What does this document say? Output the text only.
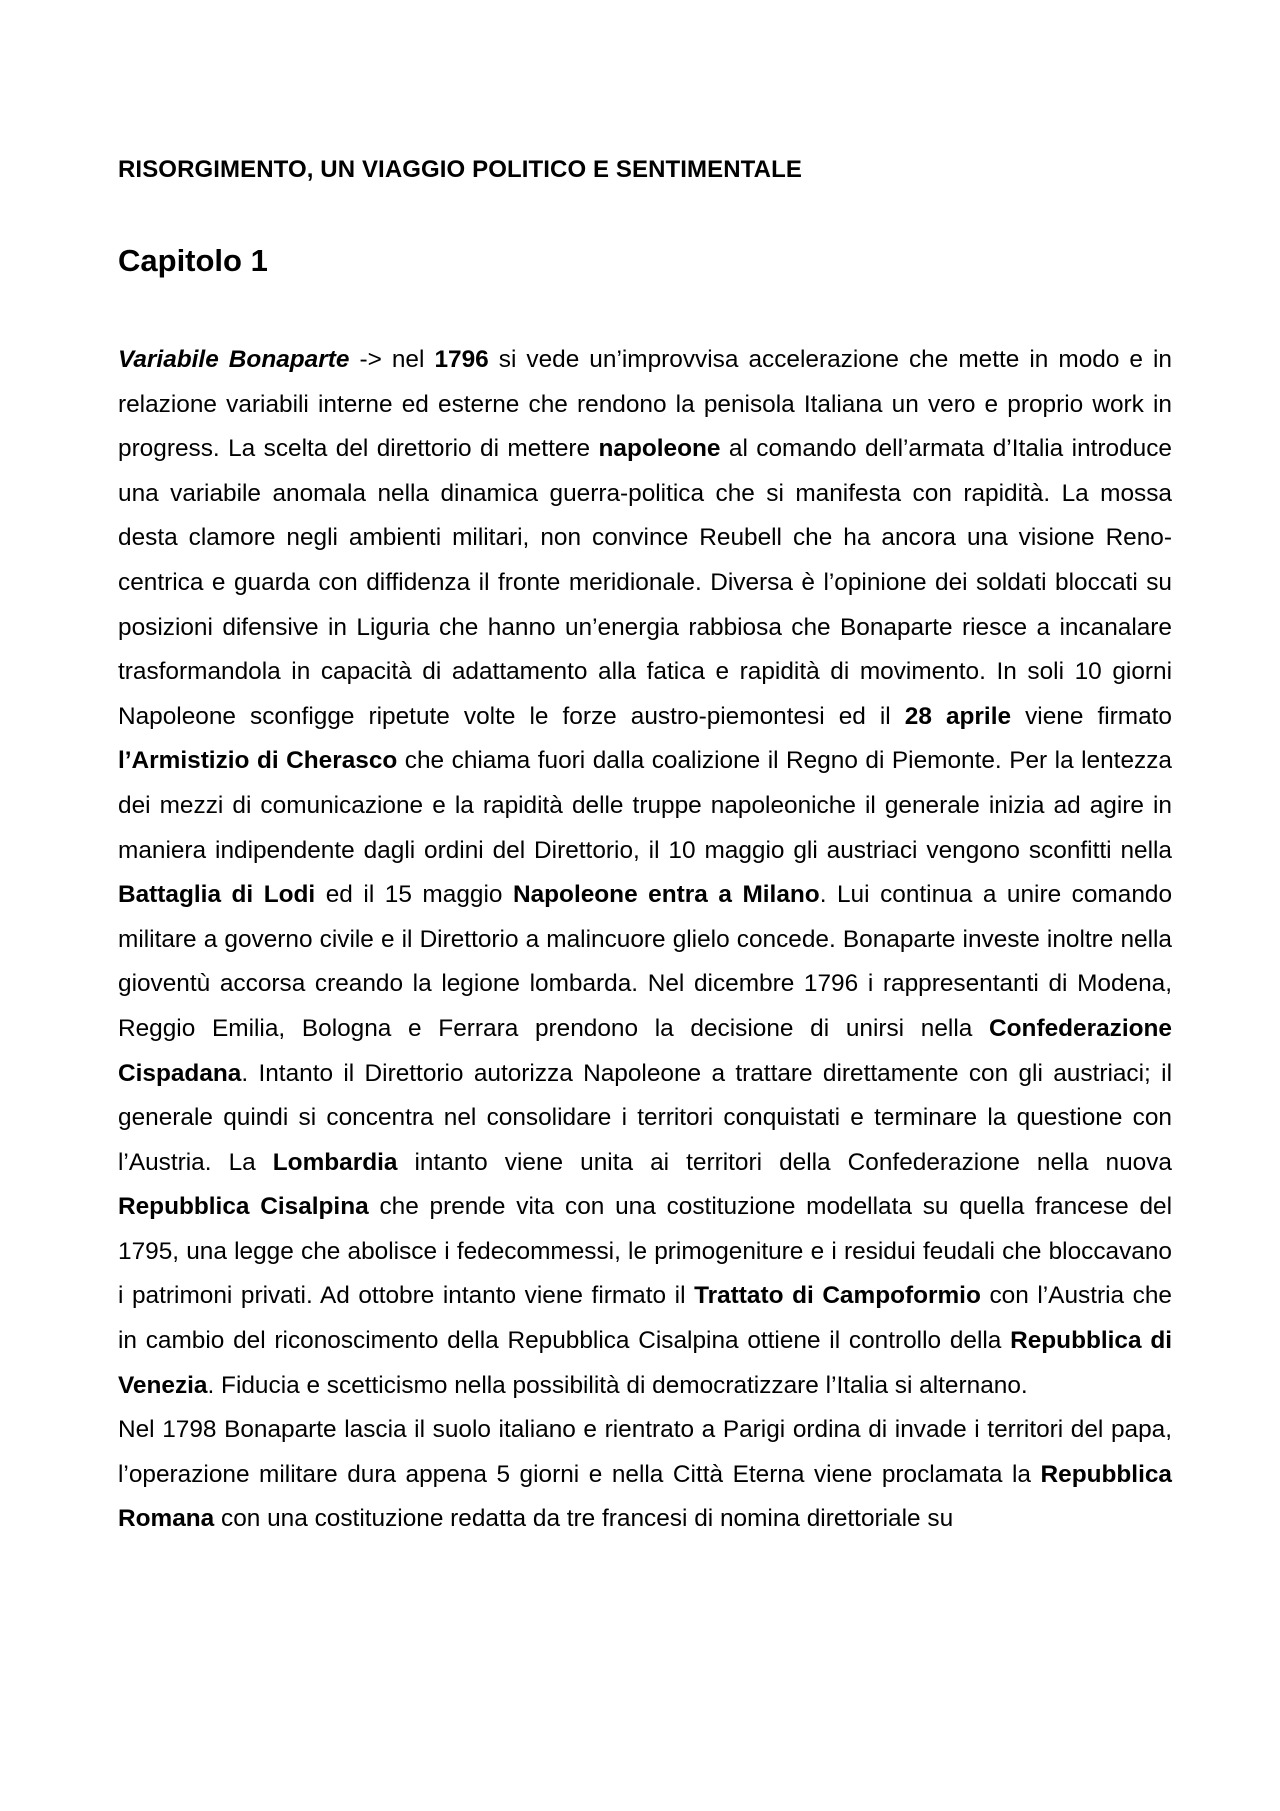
RISORGIMENTO, UN VIAGGIO POLITICO E SENTIMENTALE
Capitolo 1

Variabile Bonaparte -> nel 1796 si vede un’improvvisa accelerazione che mette in modo e in relazione variabili interne ed esterne che rendono la penisola Italiana un vero e proprio work in progress. La scelta del direttorio di mettere napoleone al comando dell’armata d’Italia introduce una variabile anomala nella dinamica guerra-politica che si manifesta con rapidità. La mossa desta clamore negli ambienti militari, non convince Reubell che ha ancora una visione Reno-centrica e guarda con diffidenza il fronte meridionale. Diversa è l’opinione dei soldati bloccati su posizioni difensive in Liguria che hanno un’energia rabbiosa che Bonaparte riesce a incanalare trasformandola in capacità di adattamento alla fatica e rapidità di movimento. In soli 10 giorni Napoleone sconfigge ripetute volte le forze austro-piemontesi ed il 28 aprile viene firmato l’Armistizio di Cherasco che chiama fuori dalla coalizione il Regno di Piemonte. Per la lentezza dei mezzi di comunicazione e la rapidità delle truppe napoleoniche il generale inizia ad agire in maniera indipendente dagli ordini del Direttorio, il 10 maggio gli austriaci vengono sconfitti nella Battaglia di Lodi ed il 15 maggio Napoleone entra a Milano. Lui continua a unire comando militare a governo civile e il Direttorio a malincuore glielo concede. Bonaparte investe inoltre nella gioventù accorsa creando la legione lombarda. Nel dicembre 1796 i rappresentanti di Modena, Reggio Emilia, Bologna e Ferrara prendono la decisione di unirsi nella Confederazione Cispadana. Intanto il Direttorio autorizza Napoleone a trattare direttamente con gli austriaci; il generale quindi si concentra nel consolidare i territori conquistati e terminare la questione con l’Austria. La Lombardia intanto viene unita ai territori della Confederazione nella nuova Repubblica Cisalpina che prende vita con una costituzione modellata su quella francese del 1795, una legge che abolisce i fedecommessi, le primogeniture e i residui feudali che bloccavano i patrimoni privati. Ad ottobre intanto viene firmato il Trattato di Campoformio con l’Austria che in cambio del riconoscimento della Repubblica Cisalpina ottiene il controllo della Repubblica di Venezia. Fiducia e scetticismo nella possibilità di democratizzare l’Italia si alternano.

Nel 1798 Bonaparte lascia il suolo italiano e rientrato a Parigi ordina di invade i territori del papa, l’operazione militare dura appena 5 giorni e nella Città Eterna viene proclamata la Repubblica Romana con una costituzione redatta da tre francesi di nomina direttoriale su
